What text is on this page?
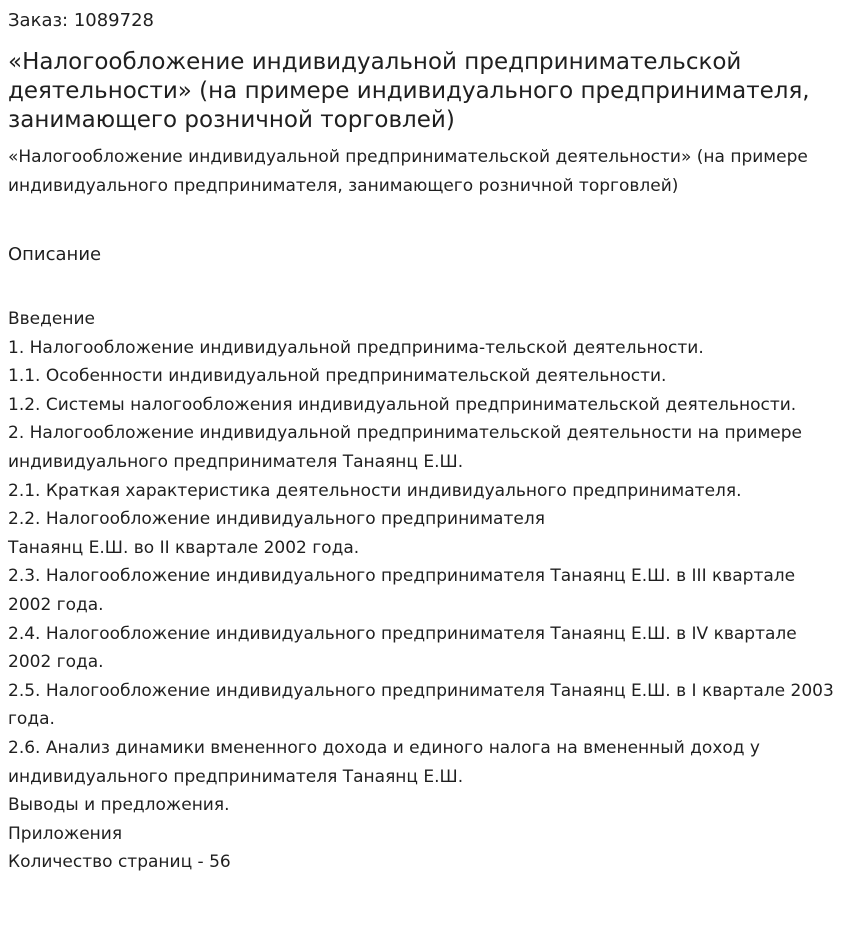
Заказ: 1089728
«Налогообложение индивидуальной предпринимательской деятельности» (на примере индивидуального предпринимателя, занимающего розничной торговлей)

«Налогообложение индивидуальной предпринимательской деятельности» (на примере индивидуального предпринимателя, занимающего розничной торговлей)

Описание
Введение
1. Налогообложение индивидуальной предпринима-тельской деятельности.
1.1. Особенности индивидуальной предпринимательской деятельности.
1.2. Системы налогообложения индивидуальной предпринимательской деятельности.
2. Налогообложение индивидуальной предпринимательской деятельности на примере индивидуального предпринимателя Танаянц Е.Ш.
2.1. Краткая характеристика деятельности индивидуального предпринимателя.
2.2. Налогообложение индивидуального предпринимателя
Танаянц Е.Ш. во II квартале 2002 года.
2.3. Налогообложение индивидуального предпринимателя Танаянц Е.Ш. в III квартале 2002 года.
2.4. Налогообложение индивидуального предпринимателя Танаянц Е.Ш. в IV квартале 2002 года.
2.5. Налогообложение индивидуального предпринимателя Танаянц Е.Ш. в I квартале 2003 года.
2.6. Анализ динамики вмененного дохода и единого налога на вмененный доход у индивидуального предпринимателя Танаянц Е.Ш.
Выводы и предложения.
Приложения
Количество страниц - 56
